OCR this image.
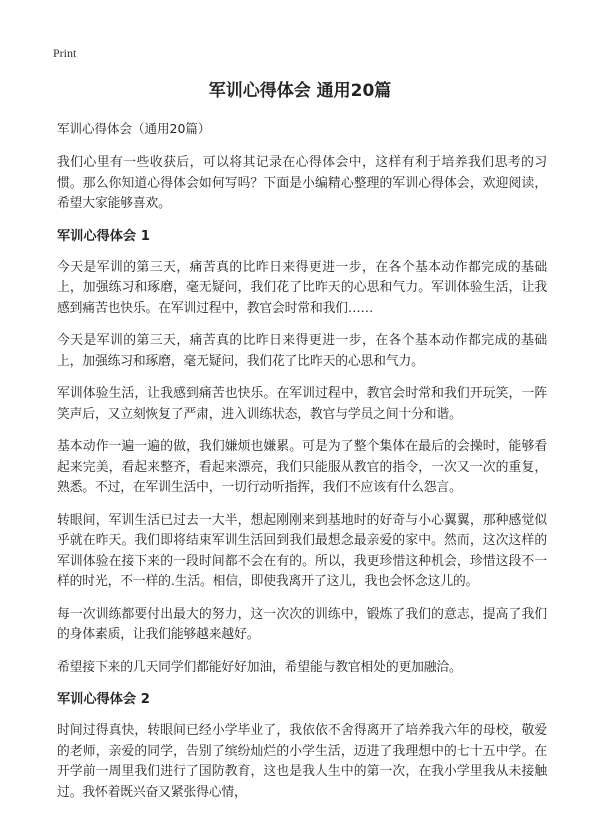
Print
军训心得体会 通用20篇
军训心得体会（通用20篇）

我们心里有一些收获后，可以将其记录在心得体会中，这样有利于培养我们思考的习惯。那么你知道心得体会如何写吗？下面是小编精心整理的军训心得体会，欢迎阅读，希望大家能够喜欢。

军训心得体会 1

今天是军训的第三天，痛苦真的比昨日来得更进一步，在各个基本动作都完成的基础上，加强练习和琢磨，毫无疑问，我们花了比昨天的心思和气力。军训体验生活，让我感到痛苦也快乐。在军训过程中，教官会时常和我们……

今天是军训的第三天，痛苦真的比昨日来得更进一步，在各个基本动作都完成的基础上，加强练习和琢磨，毫无疑问，我们花了比昨天的心思和气力。

军训体验生活，让我感到痛苦也快乐。在军训过程中，教官会时常和我们开玩笑，一阵笑声后，又立刻恢复了严肃，进入训练状态，教官与学员之间十分和谐。

基本动作一遍一遍的做，我们嫌烦也嫌累。可是为了整个集体在最后的会操时，能够看起来完美，看起来整齐，看起来漂亮，我们只能服从教官的指令，一次又一次的重复，熟悉。不过，在军训生活中，一切行动听指挥，我们不应该有什么怨言。

转眼间，军训生活已过去一大半，想起刚刚来到基地时的好奇与小心翼翼，那种感觉似乎就在昨天。我们即将结束军训生活回到我们最想念最亲爱的家中。然而，这次这样的军训体验在接下来的一段时间都不会在有的。所以，我更珍惜这种机会，珍惜这段不一样的时光，不一样的.生活。相信，即使我离开了这儿，我也会怀念这儿的。

每一次训练都要付出最大的努力，这一次次的训练中，锻炼了我们的意志，提高了我们的身体素质，让我们能够越来越好。

希望接下来的几天同学们都能好好加油，希望能与教官相处的更加融洽。

军训心得体会 2

时间过得真快，转眼间已经小学毕业了，我依依不舍得离开了培养我六年的母校，敬爱的老师，亲爱的同学，告别了缤纷灿烂的小学生活，迈进了我理想中的七十五中学。在开学前一周里我们进行了国防教育，这也是我人生中的第一次，在我小学里我从未接触过。我怀着既兴奋又紧张得心情，
